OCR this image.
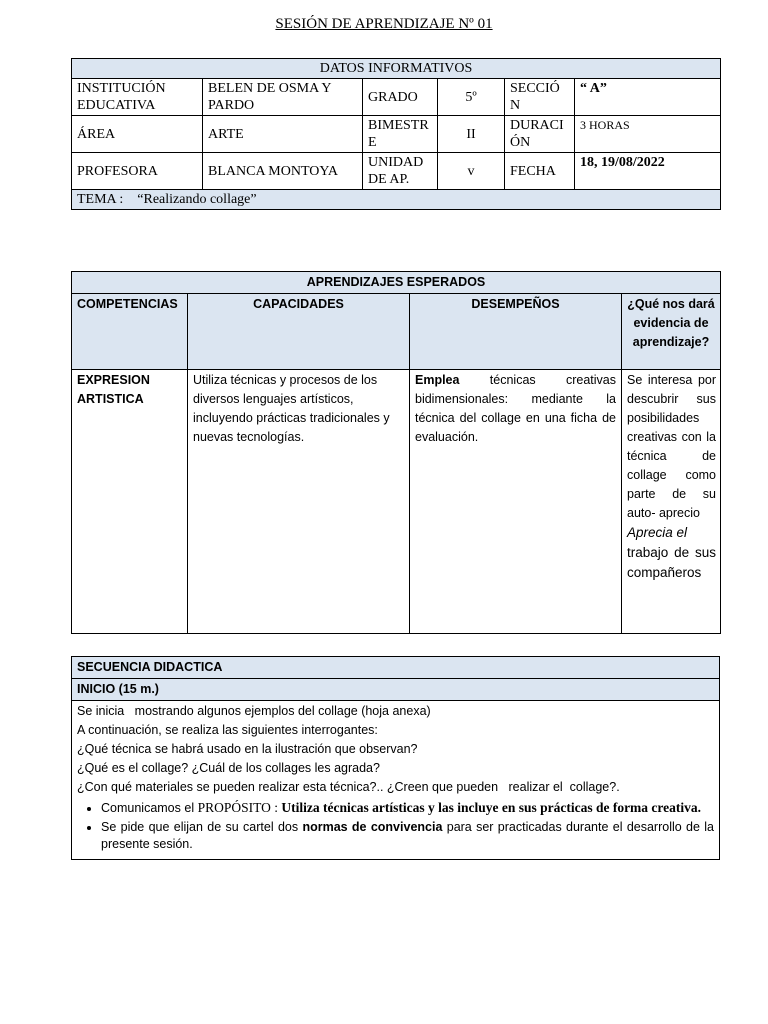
SESIÓN DE APRENDIZAJE Nº 01
DATOS INFORMATIVOS					
INSTITUCIÓN EDUCATIVA	BELEN DE OSMA Y PARDO	GRADO	5º	SECCIÓN	“ A”
ÁREA	ARTE	BIMESTRE	II	DURACIÓN	3 HORAS
PROFESORA	BLANCA MONTOYA	UNIDAD DE AP.	v	FECHA	18, 19/08/2022
TEMA :    “Realizando collage”					
APRENDIZAJES ESPERADOS			
COMPETENCIAS	CAPACIDADES	DESEMPEÑOS	¿Qué nos dará evidencia de aprendizaje?
EXPRESION ARTISTICA	Utiliza técnicas y procesos de los diversos lenguajes artísticos, incluyendo prácticas tradicionales y nuevas tecnologías.	Emplea técnicas creativas bidimensionales: mediante la técnica del collage en una ficha de evaluación.	Se interesa por descubrir sus posibilidades creativas con la técnica de collage como parte de su auto- aprecio
Aprecia el
trabajo de sus compañeros
SECUENCIA DIDACTICA
INICIO (15 m.)

Se inicia   mostrando algunos ejemplos del collage (hoja anexa)

A continuación, se realiza las siguientes interrogantes:

¿Qué técnica se habrá usado en la ilustración que observan?

¿Qué es el collage? ¿Cuál de los collages les agrada?

¿Con qué materiales se pueden realizar esta técnica?.. ¿Creen que pueden   realizar el  collage?.

• Comunicamos el PROPÓSITO : Utiliza técnicas artísticas y las incluye en sus prácticas de forma creativa.
• Se pide que elijan de su cartel dos normas de convivencia para ser practicadas durante el desarrollo de la presente sesión.
